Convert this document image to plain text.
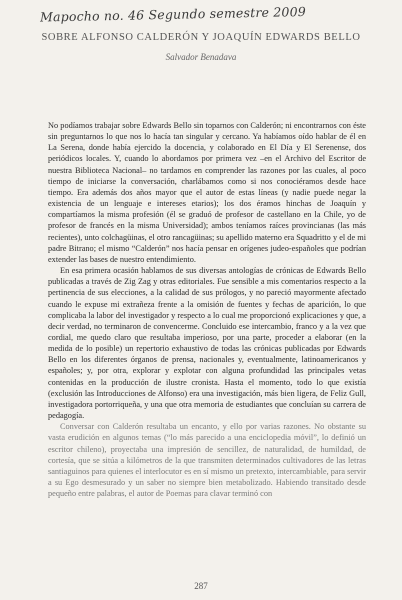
Mapocho no. 46 Segundo semestre 2009
SOBRE ALFONSO CALDERÓN Y JOAQUÍN EDWARDS BELLO
Salvador Benadava

No podíamos trabajar sobre Edwards Bello sin toparnos con Calderón; ni encontrarnos con éste sin preguntarnos lo que nos lo hacía tan singular y cercano. Ya habíamos oído hablar de él en La Serena, donde había ejercido la docencia, y colaborado en El Día y El Serenense, dos periódicos locales. Y, cuando lo abordamos por primera vez –en el Archivo del Escritor de nuestra Biblioteca Nacional– no tardamos en comprender las razones por las cuales, al poco tiempo de iniciarse la conversación, charlábamos como si nos conociéramos desde hace tiempo. Era además dos años mayor que el autor de estas líneas (y nadie puede negar la existencia de un lenguaje e intereses etarios); los dos éramos hinchas de Joaquín y compartíamos la misma profesión (él se graduó de profesor de castellano en la Chile, yo de profesor de francés en la misma Universidad); ambos teníamos raíces provincianas (las más recientes), unto colchagüinas, el otro rancagüinas; su apellido materno era Squadritto y el de mi padre Bitrano; el mismo “Calderón” nos hacía pensar en orígenes judeo-españoles que podrían extender las bases de nuestro entendimiento.

En esa primera ocasión hablamos de sus diversas antologías de crónicas de Edwards Bello publicadas a través de Zig Zag y otras editoriales. Fue sensible a mis comentarios respecto a la pertinencia de sus elecciones, a la calidad de sus prólogos, y no pareció mayormente afectado cuando le expuse mi extrañeza frente a la omisión de fuentes y fechas de aparición, lo que complicaba la labor del investigador y respecto a lo cual me proporcionó explicaciones y que, a decir verdad, no terminaron de convencerme. Concluido ese intercambio, franco y a la vez que cordial, me quedo claro que resultaba imperioso, por una parte, proceder a elaborar (en la medida de lo posible) un repertorio exhaustivo de todas las crónicas publicadas por Edwards Bello en los diferentes órganos de prensa, nacionales y, eventualmente, latinoamericanos y españoles; y, por otra, explorar y explotar con alguna profundidad las principales vetas contenidas en la producción de ilustre cronista. Hasta el momento, todo lo que existía (exclusión las Introducciones de Alfonso) era una investigación, más bien ligera, de Feliz Gull, investigadora portorriqueña, y una que otra memoria de estudiantes que concluían su carrera de pedagogía.

Conversar con Calderón resultaba un encanto, y ello por varias razones. No obstante su vasta erudición en algunos temas (“lo más parecido a una enciclopedia móvil”, lo definió un escritor chileno), proyectaba una impresión de sencillez, de naturalidad, de humildad, de cortesía, que se sitúa a kilómetros de la que transmiten determinados cultivadores de las letras santiaguinos para quienes el interlocutor es en sí mismo un pretexto, intercambiable, para servir a su Ego desmesurado y un saber no siempre bien metabolizado. Habiendo transitado desde pequeño entre palabras, el autor de Poemas para clavar terminó con

287
